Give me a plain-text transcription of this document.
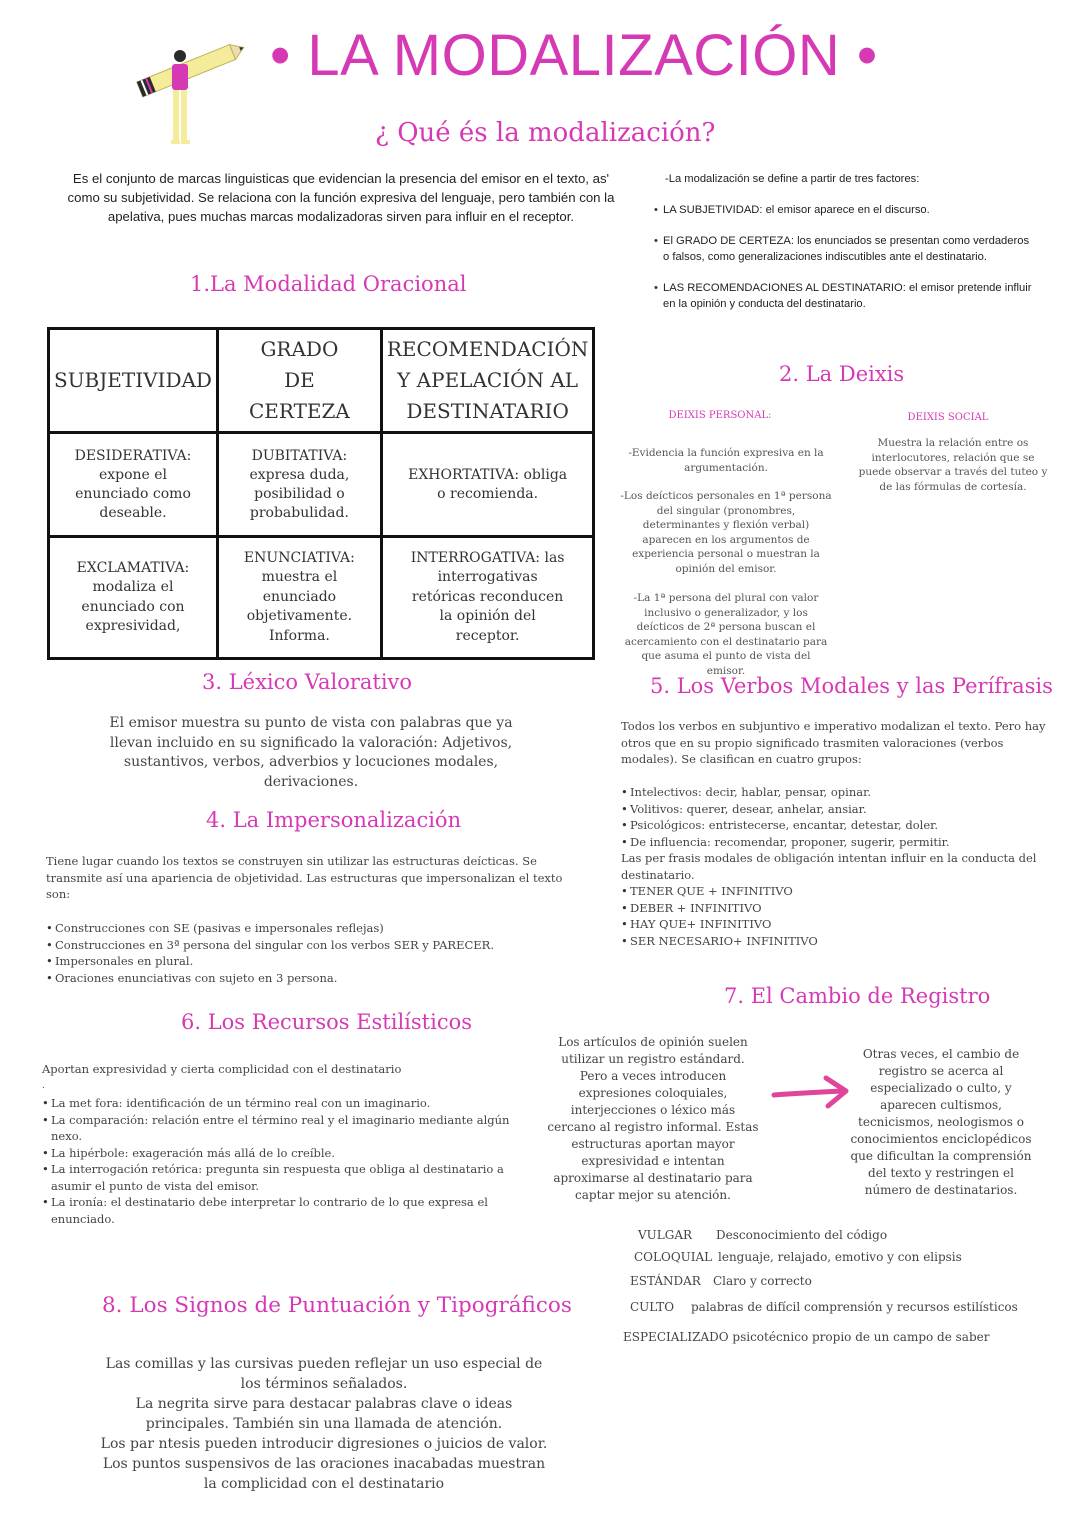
• LA MODALIZACIÓN •
¿ Qué és la modalización?
Es el conjunto de marcas linguisticas que evidencian la presencia del emisor en el texto, as' como su subjetividad. Se relaciona con la función expresiva del lenguaje, pero también con la apelativa, pues muchas marcas modalizadoras sirven para influir en el receptor.
-La modalización se define a partir de tres factores:
• LA SUBJETIVIDAD: el emisor aparece en el discurso.
• El GRADO DE CERTEZA: los enunciados se presentan como verdaderos o falsos, como generalizaciones indiscutibles ante el destinatario.
• LAS RECOMENDACIONES AL DESTINATARIO: el emisor pretende influir en la opinión y conducta del destinatario.
1.La Modalidad Oracional
SUBJETIVIDAD	GRADO DE CERTEZA	RECOMENDACIÓN Y APELACIÓN AL DESTINATARIO
DESIDERATIVA: expone el enunciado como deseable.	DUBITATIVA: expresa duda, posibilidad o probabulidad.	EXHORTATIVA: obliga o recomienda.
EXCLAMATIVA: modaliza el enunciado con expresividad,	ENUNCIATIVA: muestra el enunciado objetivamente. Informa.	INTERROGATIVA: las interrogativas retóricas reconducen la opinión del receptor.
2. La Deixis
DEIXIS PERSONAL:
-Evidencia la función expresiva en la argumentación.
-Los deícticos personales en 1ª persona del singular (pronombres, determinantes y flexión verbal) aparecen en los argumentos de experiencia personal o muestran la opinión del emisor.
-La 1ª persona del plural con valor inclusivo o generalizador, y los deícticos de 2ª persona buscan el acercamiento con el destinatario para que asuma el punto de vista del emisor.
DEIXIS SOCIAL
Muestra la relación entre os interlocutores, relación que se puede observar a través del tuteo y de las fórmulas de cortesía.
3. Léxico Valorativo
El emisor muestra su punto de vista con palabras que ya llevan incluido en su significado la valoración: Adjetivos, sustantivos, verbos, adverbios y locuciones modales, derivaciones.
4. La Impersonalización
Tiene lugar cuando los textos se construyen sin utilizar las estructuras deícticas. Se transmite así una apariencia de objetividad. Las estructuras que impersonalizan el texto son:
• Construcciones con SE (pasivas e impersonales reflejas)
• Construcciones en 3ª persona del singular con los verbos SER y PARECER.
• Impersonales en plural.
• Oraciones enunciativas con sujeto en 3 persona.
5. Los Verbos Modales y las Perífrasis
Todos los verbos en subjuntivo e imperativo modalizan el texto. Pero hay otros que en su propio significado trasmiten valoraciones (verbos modales). Se clasifican en cuatro grupos:
• Intelectivos: decir, hablar, pensar, opinar.
• Volitivos: querer, desear, anhelar, ansiar.
• Psicológicos: entristecerse, encantar, detestar, doler.
• De influencia: recomendar, proponer, sugerir, permitir.
Las per frasis modales de obligación intentan influir en la conducta del destinatario.
• TENER QUE + INFINITIVO
• DEBER + INFINITIVO
• HAY QUE+ INFINITIVO
• SER NECESARIO+ INFINITIVO
6. Los Recursos Estilísticos
Aportan expresividad y cierta complicidad con el destinatario
.
• La met fora: identificación de un término real con un imaginario.
• La comparación: relación entre el término real y el imaginario mediante algún nexo.
• La hipérbole: exageración más allá de lo creíble.
• La interrogación retórica: pregunta sin respuesta que obliga al destinatario a asumir el punto de vista del emisor.
• La ironía: el destinatario debe interpretar lo contrario de lo que expresa el enunciado.
7. El Cambio de Registro
Los artículos de opinión suelen utilizar un registro estándard. Pero a veces introducen expresiones coloquiales, interjecciones o léxico más cercano al registro informal. Estas estructuras aportan mayor expresividad e intentan aproximarse al destinatario para captar mejor su atención.
Otras veces, el cambio de registro se acerca al especializado o culto, y aparecen cultismos, tecnicismos, neologismos o conocimientos enciclopédicos que dificultan la comprensión del texto y restringen el número de destinatarios.
VULGAR Desconocimiento del código
COLOQUIAL lenguaje, relajado, emotivo y con elipsis
ESTÁNDAR Claro y correcto
CULTO palabras de difícil comprensión y recursos estilísticos
ESPECIALIZADO psicotécnico propio de un campo de saber
8. Los Signos de Puntuación y Tipográficos
Las comillas y las cursivas pueden reflejar un uso especial de los términos señalados.
La negrita sirve para destacar palabras clave o ideas principales. También sin una llamada de atención.
Los par ntesis pueden introducir digresiones o juicios de valor.
Los puntos suspensivos de las oraciones inacabadas muestran la complicidad con el destinatario
